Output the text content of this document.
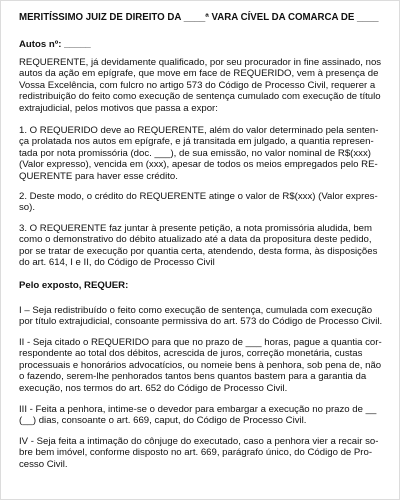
MERITÍSSIMO JUIZ DE DIREITO DA ____ª VARA CÍVEL DA COMARCA DE ____
Autos nº: _____
REQUERENTE, já devidamente qualificado, por seu procurador in fine assinado, nos
autos da ação em epígrafe, que move em face de REQUERIDO, vem à presença de
Vossa Excelência, com fulcro no artigo 573 do Código de Processo Civil, requerer a
redistribuição do feito como execução de sentença cumulado com execução de título
extrajudicial, pelos motivos que passa a expor:
1. O REQUERIDO deve ao REQUERENTE, além do valor determinado pela senten-
ça prolatada nos autos em epígrafe, e já transitada em julgado, a quantia represen-
tada por nota promissória (doc. ___), de sua emissão, no valor nominal de R$(xxx)
(Valor expresso), vencida em (xxx), apesar de todos os meios empregados pelo RE-
QUERENTE para haver esse crédito.
2. Deste modo, o crédito do REQUERENTE atinge o valor de R$(xxx) (Valor expres-
so).
3. O REQUERENTE faz juntar à presente petição, a nota promissória aludida, bem
como o demonstrativo do débito atualizado até a data da propositura deste pedido,
por se tratar de execução por quantia certa, atendendo, desta forma, às disposições
do art. 614, I e II, do Código de Processo Civil
Pelo exposto, REQUER:
I – Seja redistribuído o feito como execução de sentença, cumulada com execução
por título extrajudicial, consoante permissiva do art. 573 do Código de Processo Civil.
II - Seja citado o REQUERIDO para que no prazo de ___ horas, pague a quantia cor-
respondente ao total dos débitos, acrescida de juros, correção monetária, custas
processuais e honorários advocatícios, ou nomeie bens à penhora, sob pena de, não
o fazendo, serem-lhe penhorados tantos bens quantos bastem para a garantia da
execução, nos termos do art. 652 do Código de Processo Civil.
III - Feita a penhora, intime-se o devedor para embargar a execução no prazo de __
(__) dias, consoante o art. 669, caput, do Código de Processo Civil.
IV - Seja feita a intimação do cônjuge do executado, caso a penhora vier a recair so-
bre bem imóvel, conforme disposto no art. 669, parágrafo único, do Código de Pro-
cesso Civil.
